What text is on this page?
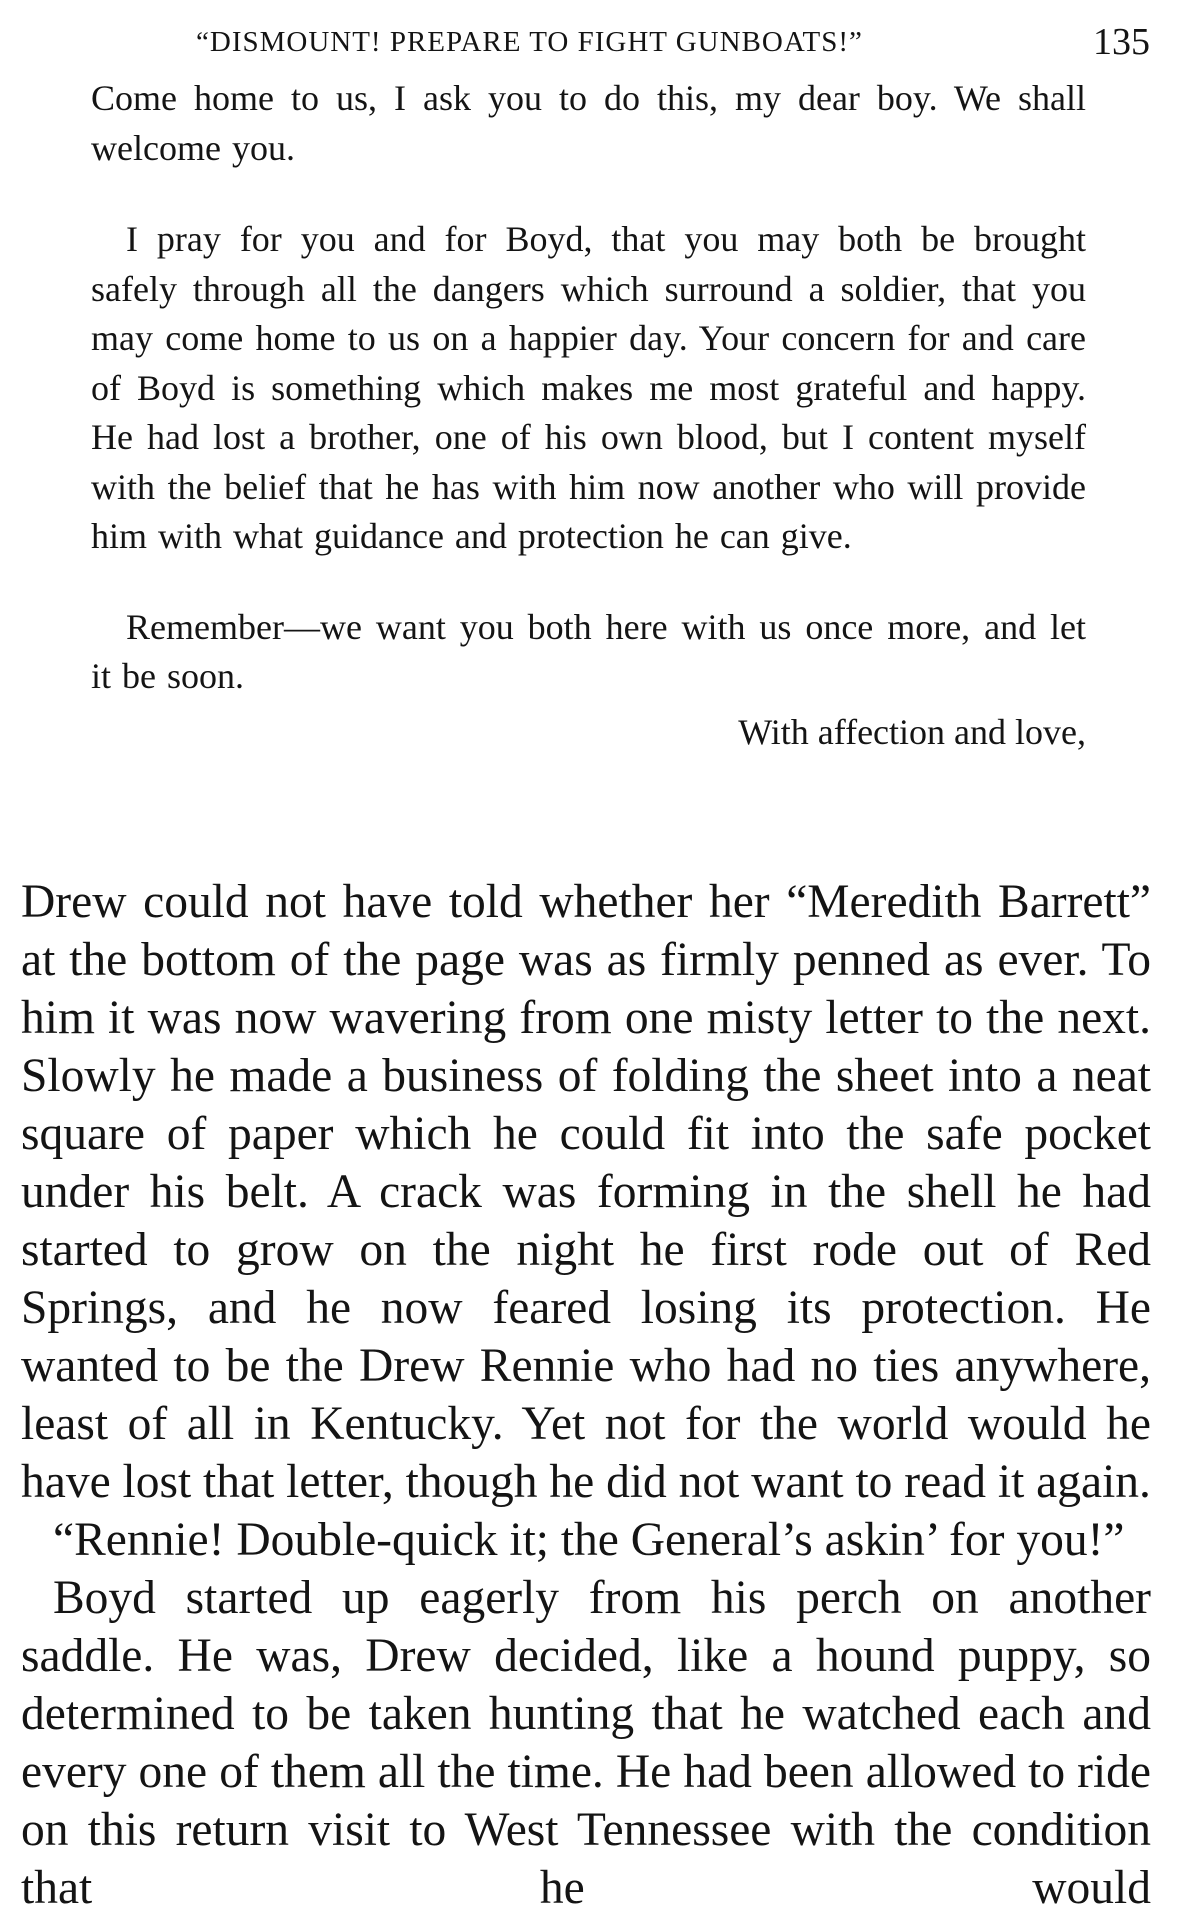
“DISMOUNT! PREPARE TO FIGHT GUNBOATS!”	135

Come home to us, I ask you to do this, my dear boy. We shall welcome you.

I pray for you and for Boyd, that you may both be brought safely through all the dangers which surround a soldier, that you may come home to us on a happier day. Your concern for and care of Boyd is something which makes me most grateful and happy. He had lost a brother, one of his own blood, but I content myself with the belief that he has with him now another who will provide him with what guidance and protection he can give.

Remember—we want you both here with us once more, and let it be soon.

With affection and love,

Drew could not have told whether her “Meredith Barrett” at the bottom of the page was as firmly penned as ever. To him it was now wavering from one misty letter to the next. Slowly he made a business of folding the sheet into a neat square of paper which he could fit into the safe pocket under his belt. A crack was forming in the shell he had started to grow on the night he first rode out of Red Springs, and he now feared losing its protection. He wanted to be the Drew Rennie who had no ties anywhere, least of all in Kentucky. Yet not for the world would he have lost that letter, though he did not want to read it again.

“Rennie! Double-quick it; the General’s askin’ for you!”

Boyd started up eagerly from his perch on another saddle. He was, Drew decided, like a hound puppy, so determined to be taken hunting that he watched each and every one of them all the time. He had been allowed to ride on this return visit to West Tennessee with the condition that he would
